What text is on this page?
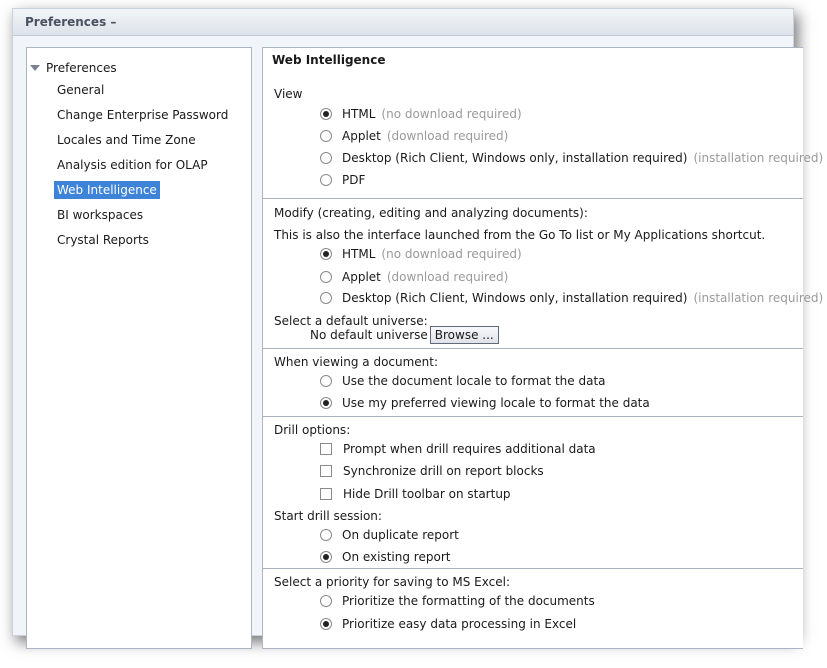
Preferences –
Preferences
General
Change Enterprise Password
Locales and Time Zone
Analysis edition for OLAP
Web Intelligence
BI workspaces
Crystal Reports
Web Intelligence
View
HTML (no download required)
Applet (download required)
Desktop (Rich Client, Windows only, installation required) (installation required)
PDF
Modify (creating, editing and analyzing documents):
This is also the interface launched from the Go To list or My Applications shortcut.
HTML (no download required)
Applet (download required)
Desktop (Rich Client, Windows only, installation required) (installation required)
Select a default universe:
No default universe Browse ...
When viewing a document:
Use the document locale to format the data
Use my preferred viewing locale to format the data
Drill options:
Prompt when drill requires additional data
Synchronize drill on report blocks
Hide Drill toolbar on startup
Start drill session:
On duplicate report
On existing report
Select a priority for saving to MS Excel:
Prioritize the formatting of the documents
Prioritize easy data processing in Excel
